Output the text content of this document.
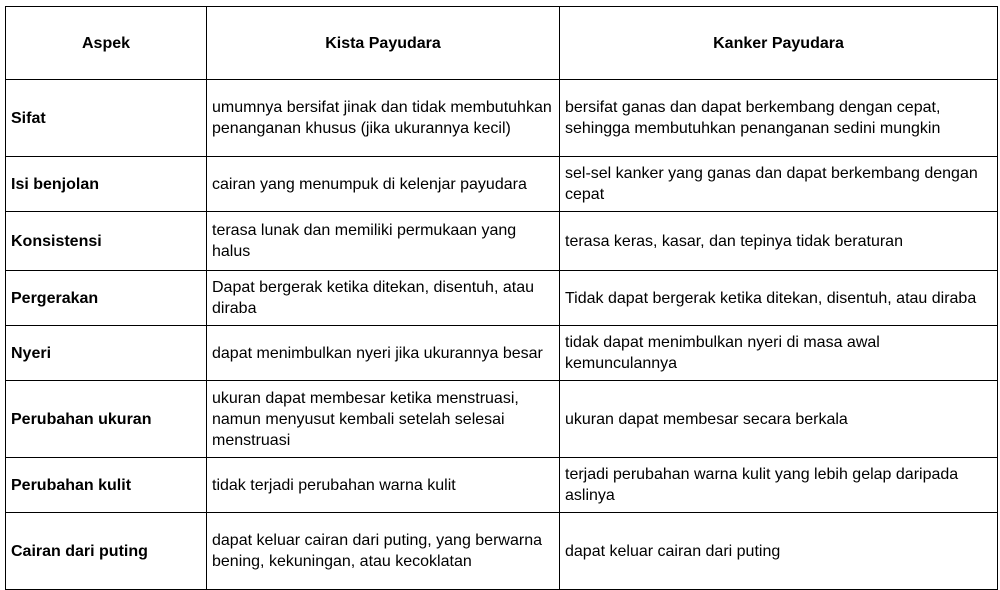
Aspek	Kista Payudara	Kanker Payudara
Sifat	umumnya bersifat jinak dan tidak membutuhkan penanganan khusus (jika ukurannya kecil)	bersifat ganas dan dapat berkembang dengan cepat, sehingga membutuhkan penanganan sedini mungkin
Isi benjolan	cairan yang menumpuk di kelenjar payudara	sel-sel kanker yang ganas dan dapat berkembang dengan cepat
Konsistensi	terasa lunak dan memiliki permukaan yang halus	terasa keras, kasar, dan tepinya tidak beraturan
Pergerakan	Dapat bergerak ketika ditekan, disentuh, atau diraba	Tidak dapat bergerak ketika ditekan, disentuh, atau diraba
Nyeri	dapat menimbulkan nyeri jika ukurannya besar	tidak dapat menimbulkan nyeri di masa awal kemunculannya
Perubahan ukuran	ukuran dapat membesar ketika menstruasi, namun menyusut kembali setelah selesai menstruasi	ukuran dapat membesar secara berkala
Perubahan kulit	tidak terjadi perubahan warna kulit	terjadi perubahan warna kulit yang lebih gelap daripada aslinya
Cairan dari puting	dapat keluar cairan dari puting, yang berwarna bening, kekuningan, atau kecoklatan	dapat keluar cairan dari puting
